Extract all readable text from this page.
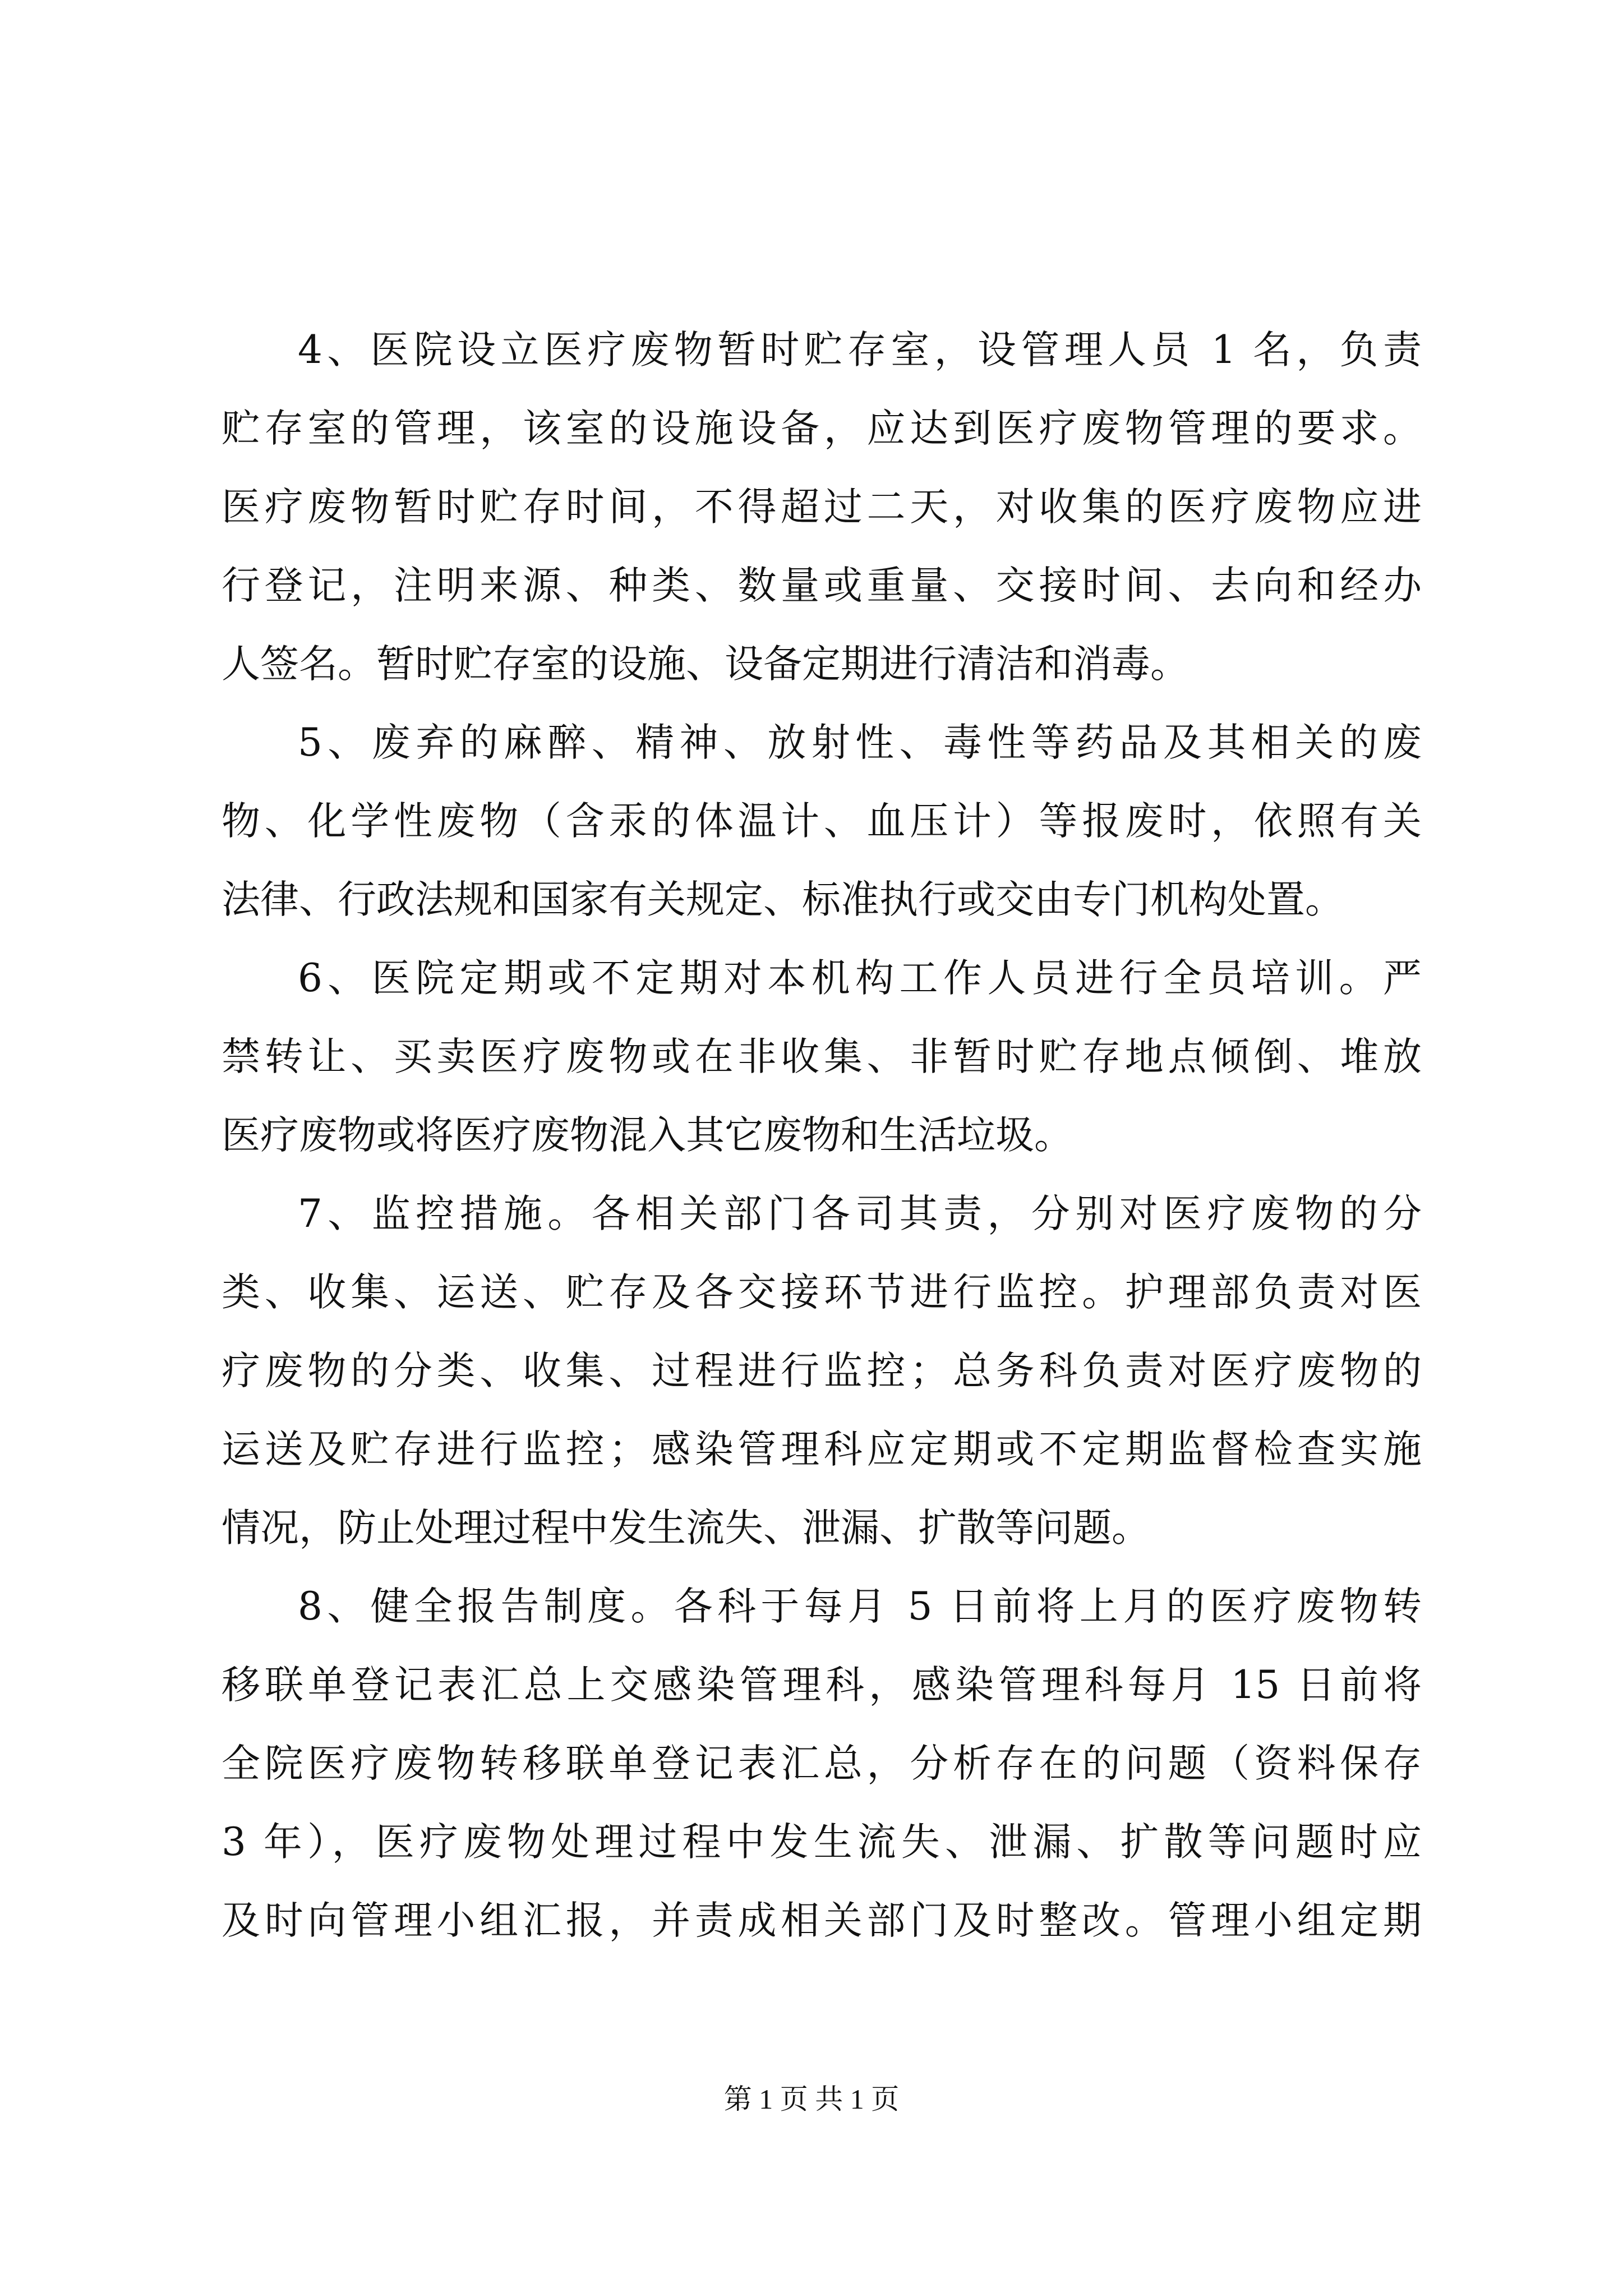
4、医院设立医疗废物暂时贮存室，设管理人员 1 名，负责
贮存室的管理，该室的设施设备，应达到医疗废物管理的要求。
医疗废物暂时贮存时间，不得超过二天，对收集的医疗废物应进
行登记，注明来源、种类、数量或重量、交接时间、去向和经办
人签名。暂时贮存室的设施、设备定期进行清洁和消毒。
5、废弃的麻醉、精神、放射性、毒性等药品及其相关的废
物、化学性废物（含汞的体温计、血压计）等报废时，依照有关
法律、行政法规和国家有关规定、标准执行或交由专门机构处置。
6、医院定期或不定期对本机构工作人员进行全员培训。严
禁转让、买卖医疗废物或在非收集、非暂时贮存地点倾倒、堆放
医疗废物或将医疗废物混入其它废物和生活垃圾。
7、监控措施。各相关部门各司其责，分别对医疗废物的分
类、收集、运送、贮存及各交接环节进行监控。护理部负责对医
疗废物的分类、收集、过程进行监控；总务科负责对医疗废物的
运送及贮存进行监控；感染管理科应定期或不定期监督检查实施
情况，防止处理过程中发生流失、泄漏、扩散等问题。
8、健全报告制度。各科于每月 5 日前将上月的医疗废物转
移联单登记表汇总上交感染管理科，感染管理科每月 15 日前将
全院医疗废物转移联单登记表汇总，分析存在的问题（资料保存
3 年），医疗废物处理过程中发生流失、泄漏、扩散等问题时应
及时向管理小组汇报，并责成相关部门及时整改。管理小组定期
第 1 页 共 1 页
